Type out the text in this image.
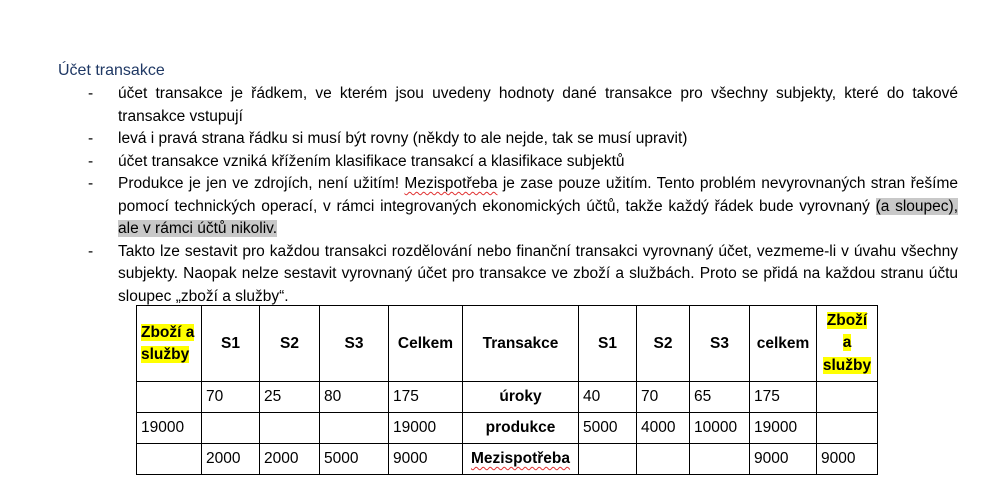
Účet transakce
- účet transakce je řádkem, ve kterém jsou uvedeny hodnoty dané transakce pro všechny subjekty, které do takové transakce vstupují
- levá i pravá strana řádku si musí být rovny (někdy to ale nejde, tak se musí upravit)
- účet transakce vzniká křížením klasifikace transakcí a klasifikace subjektů
- Produkce je jen ve zdrojích, není užitím! Mezispotřeba je zase pouze užitím. Tento problém nevyrovnaných stran řešíme pomocí technických operací, v rámci integrovaných ekonomických účtů, takže každý řádek bude vyrovnaný (a sloupec), ale v rámci účtů nikoliv.
- Takto lze sestavit pro každou transakci rozdělování nebo finanční transakci vyrovnaný účet, vezmeme-li v úvahu všechny subjekty. Naopak nelze sestavit vyrovnaný účet pro transakce ve zboží a službách. Proto se přidá na každou stranu účtu sloupec „zboží a služby“.
Zboží a
služby	S1	S2	S3	Celkem	Transakce	S1	S2	S3	celkem	Zboží
a
služby
	70	25	80	175	úroky	40	70	65	175	
19000				19000	produkce	5000	4000	10000	19000	
	2000	2000	5000	9000	Mezispotřeba				9000	9000
